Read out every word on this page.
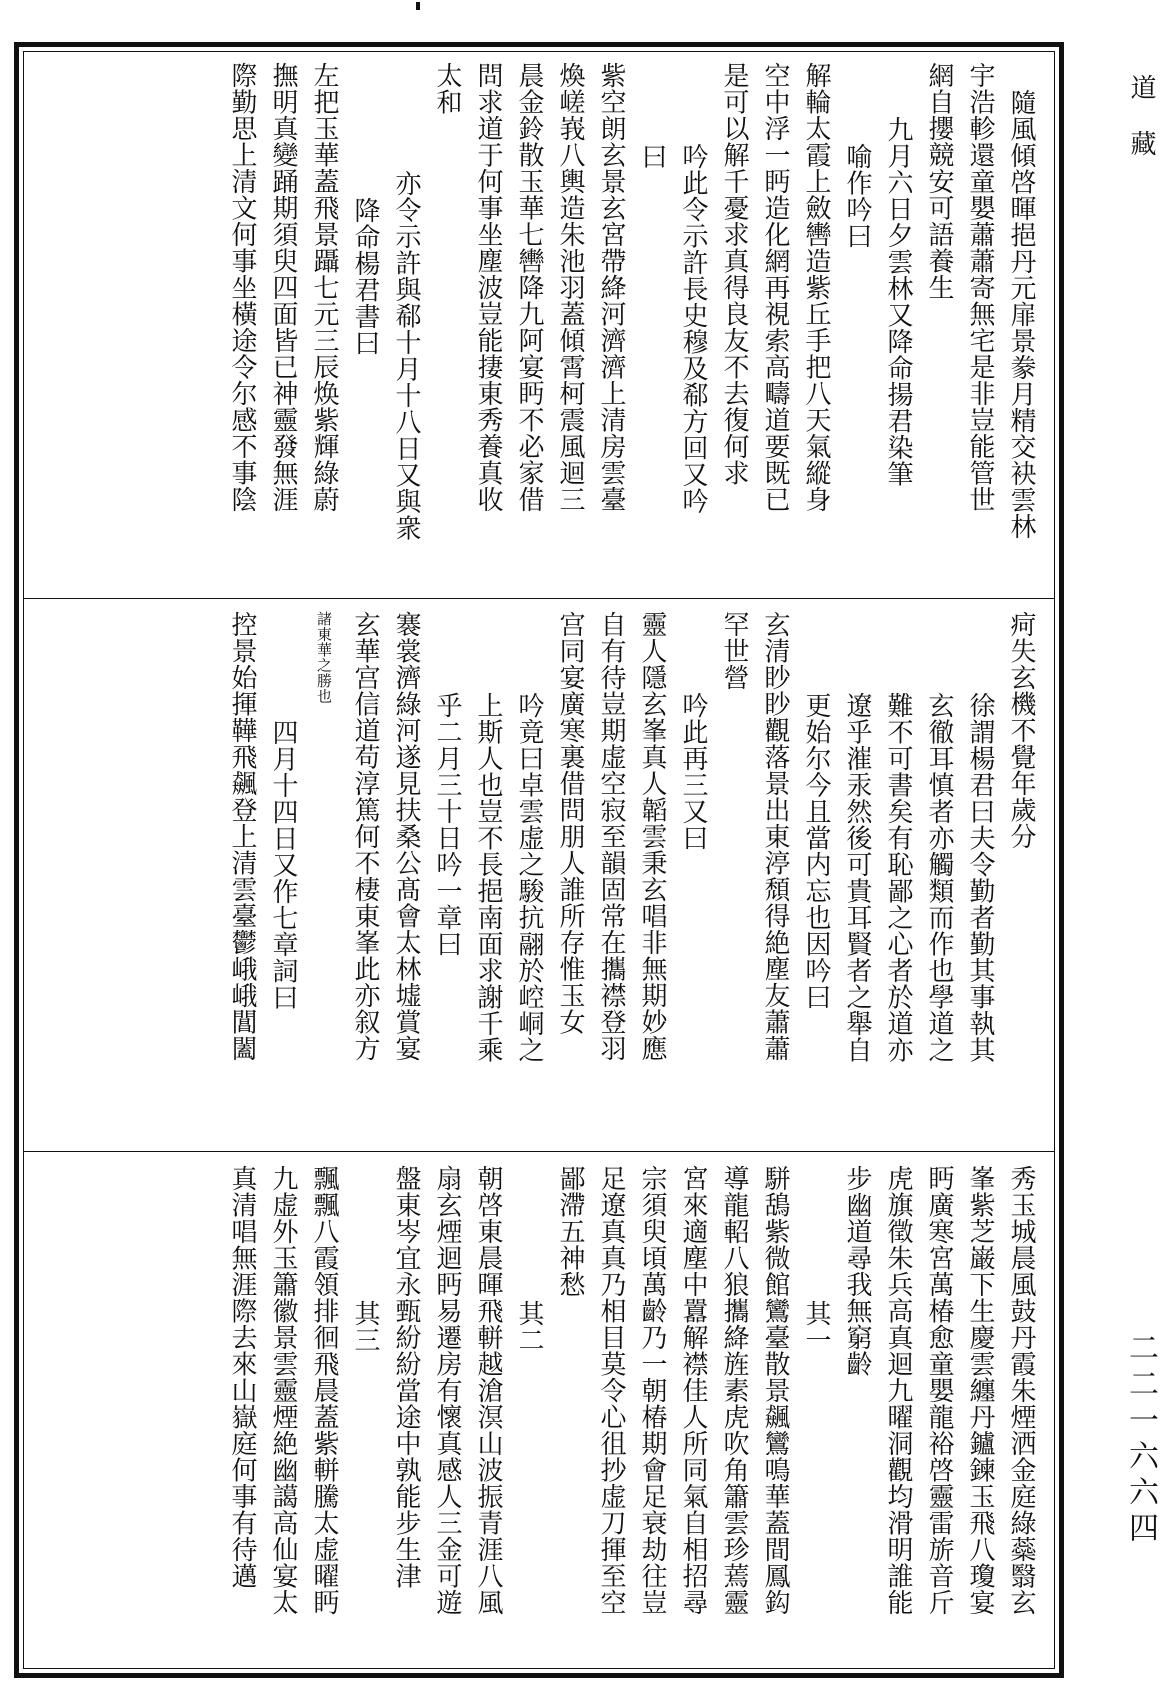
道藏
二二一六六四
隨風傾啓暉挹丹元扉景豢月精交袂雲林
宇浩軫還童嬰蕭蕭寄無宅是非豈能管世
網自攖競安可語養生
九月六日夕雲林又降命揚君染筆
喻作吟曰
解輪太霞上斂轡造紫丘手把八天氣縱身
空中浮一眄造化網再視索高疇道要既已
是可以解千憂求真得良友不去復何求
吟此令示許長史穆及郗方回又吟
曰
紫空朗玄景玄宮帶絳河濟濟上清房雲臺
煥嵯峩八輿造朱池羽蓋傾霄柯震風迴三
晨金鈴散玉華七轡降九阿宴眄不必家借
問求道于何事坐塵波豈能捿東秀養真收
太和
亦令示許與郗十月十八日又與衆
降命楊君書曰
左把玉華蓋飛景躡七元三辰焕紫輝綠蔚
撫明真變踊期須臾四面皆已神靈發無涯
際勤思上清文何事坐橫途令尔感不事陰
疴失玄機不覺年歲分
徐謂楊君曰夫令勤者勤其事執其
玄徹耳慎者亦觸類而作也學道之
難不可書矣有恥鄙之心者於道亦
遼乎漼汞然後可貴耳賢者之舉自
更始尔今且當内忘也因吟曰
玄清眇眇觀落景出東渟頹得絶塵友蕭蕭
罕世營
吟此再三又曰
靈人隱玄峯真人韜雲秉玄唱非無期妙應
自有待豈期虚空寂至韻固常在攜襟登羽
宫同宴廣寒裏借問朋人誰所存惟玉女
吟竟曰卓雲虚之駿抗翮於崆峒之
上斯人也豈不長挹南面求謝千乘
乎二月三十日吟一章曰
褰裳濟綠河遂見扶桑公髙會太林墟賞宴
玄華宫信道苟淳篤何不棲東峯此亦叙方
諸東華之勝也
四月十四日又作七章詞曰
控景始揮鞾飛飆登上清雲臺鬱峨峨閶闔
秀玉城晨風鼓丹霞朱煙洒金庭綠蘂翳玄
峯紫芝巌下生慶雲纏丹鑪鍊玉飛八瓊宴
眄廣寒宮萬椿愈童嬰龍裕啓靈雷旂音斤
虎旗徵朱兵高真迴九曜洞觀均滑明誰能
步幽道尋我無窮齡
其一
駢鴰紫微館鸞臺散景飆鸞鳴華蓋間鳳鈎
導龍軺八狼攜絳旌素虎吹角簫雲珍蔫靈
宮來適塵中囂解襟佳人所同氣自相招尋
宗須臾頃萬齡乃一朝椿期會足衰劫往豈
足遼真真乃相目莫令心徂抄虚刀揮至空
鄙滯五神愁
其二
朝啓東晨暉飛軿越滄溟山波振青涯八風
扇玄煙迴眄易遷房有懷真感人三金可遊
盤東岑宜永甄紛紛當途中孰能步生津
其三
飄飄八霞領排徊飛晨蓋紫軿騰太虚曜眄
九虚外玉簫徽景雲靈煙絶幽譪高仙宴太
真清唱無涯際去來山嶽庭何事有待邁
